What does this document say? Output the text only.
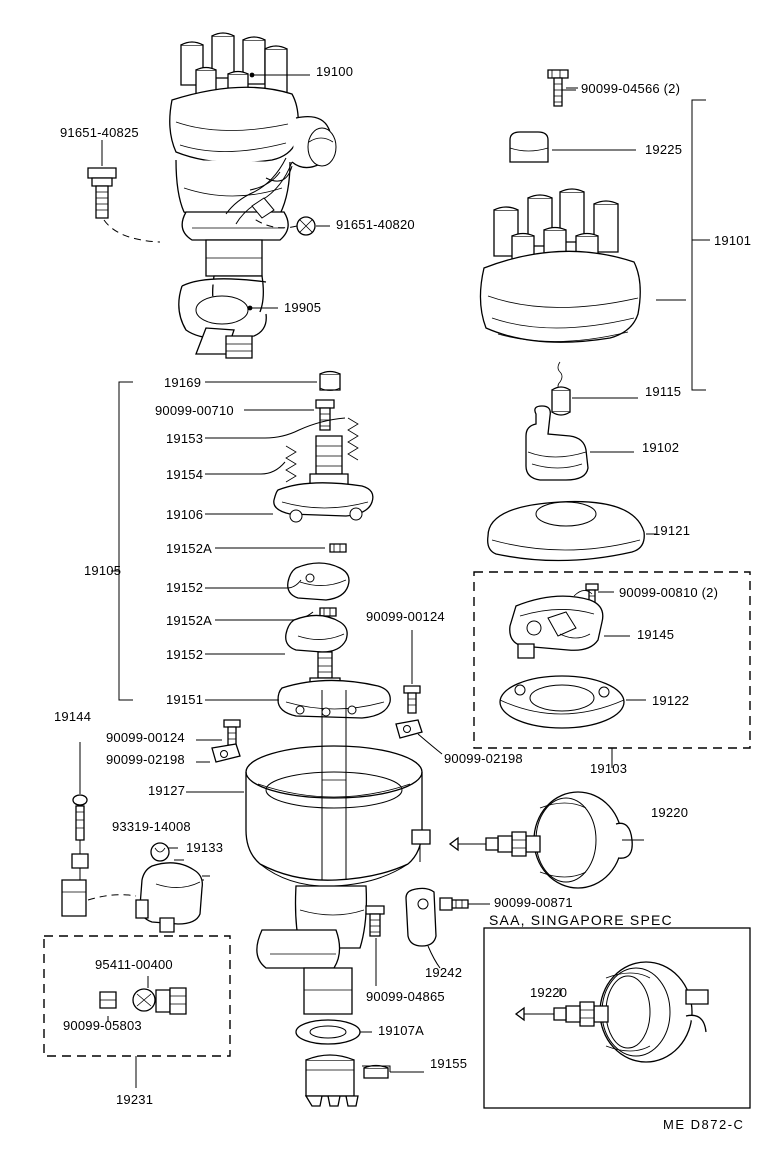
19100
91651-40825
91651-40820
19905
90099-04566 (2)
19225
19101
19115
19102
19121
90099-00810 (2)
19145
19122
19103
19169
90099-00710
19153
19154
19106
19152A
19105
19152
19152A
19152
19151
90099-00124
90099-02198
19144
90099-00124
90099-02198
19127
93319-14008
19133
95411-00400
90099-05803
19231
90099-00871
19242
90099-04865
19107A
19155
19220
19220
SAA, SINGAPORE SPEC
ME D872-C
